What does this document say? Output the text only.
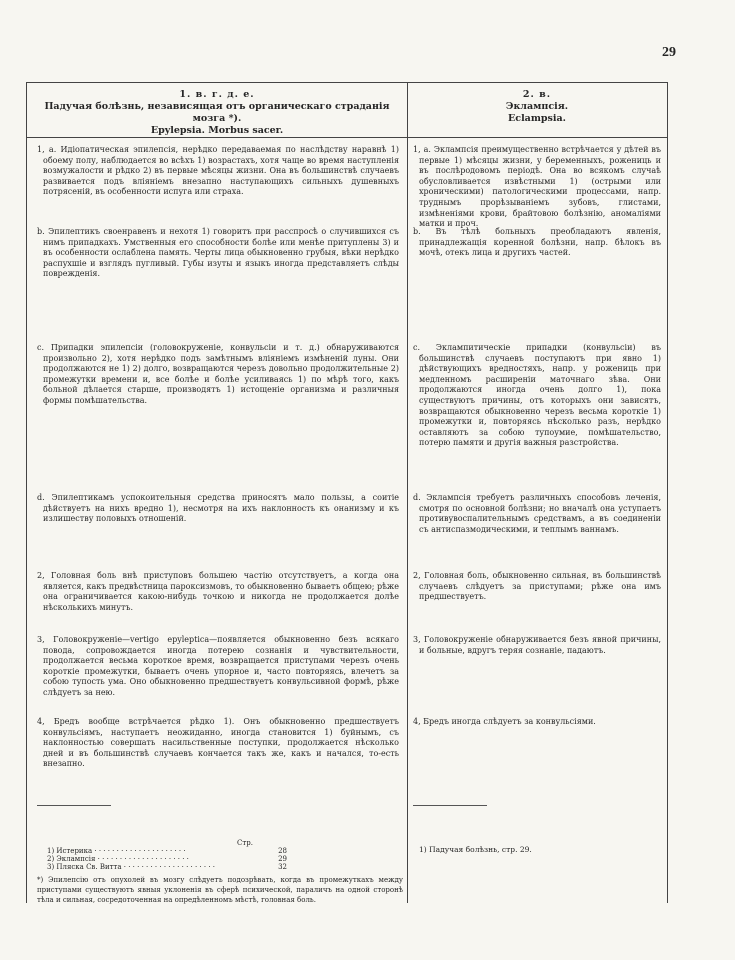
29
1. в. г. д. е.
Падучая болѣзнь, независящая отъ органическаго страданія мозга *).
Epylepsia. Morbus sacer.
2. в.
Эклампсія.
Eclampsia.

1, a. Идіопатическая эпилепсія, нерѣдко передаваемая по наслѣдству наравнѣ 1) обоему полу, наблюдается во всѣхъ 1) возрастахъ, хотя чаще во время наступленія возмужалости и рѣдко 2) въ первые мѣсяцы жизни. Она въ большинствѣ случаевъ развивается подъ вліяніемъ внезапно наступающихъ сильныхъ душевныхъ потрясеній, въ особенности испуга или страха.

b. Эпилептикъ своенравенъ и нехотя 1) говоритъ при расспросѣ о случившихся съ нимъ припадкахъ. Умственныя его способности болѣе или менѣе притуплены 3) и въ особенности ослаблена память. Черты лица обыкновенно грубыя, вѣки нерѣдко распухшіе и взглядъ пугливый. Губы изуты и языкъ иногда представляетъ слѣды поврежденія.

c. Припадки эпилепсіи (головокруженіе, конвульсіи и т. д.) обнаруживаются произвольно 2), хотя нерѣдко подъ замѣтнымъ вліяніемъ измѣненій луны. Они продолжаются не 1) 2) долго, возвращаются черезъ довольно продолжительные 2) промежутки времени и, все болѣе и болѣе усиливаясь 1) по мѣрѣ того, какъ больной дѣлается старше, производятъ 1) истощеніе организма и различныя формы помѣшательства.

d. Эпилептикамъ успокоительныя средства приносятъ мало пользы, а соитіе дѣйствуетъ на нихъ вредно 1), несмотря на ихъ наклонность къ онанизму и къ излишеству половыхъ отношеній.

2, Головная боль внѣ приступовъ большею частію отсутствуетъ, а когда она является, какъ предвѣстница пароксизмовъ, то обыкновенно бываетъ общею; рѣже она ограничивается какою-нибудь точкою и никогда не продолжается долѣе нѣсколькихъ минутъ.

3, Головокруженіе—vertigo epyleptica—появляется обыкновенно безъ всякаго повода, сопровождается иногда потерею сознанія и чувствительности, продолжается весьма короткое время, возвращается приступами черезъ очень короткіе промежутки, бываетъ очень упорное и, часто повторяясь, влечетъ за собою тупость ума. Оно обыкновенно предшествуетъ конвульсивной формѣ, рѣже слѣдуетъ за нею.

4, Бредъ вообще встрѣчается рѣдко 1). Онъ обыкновенно предшествуетъ конвульсіямъ, наступаетъ неожиданно, иногда становится 1) буйнымъ, съ наклонностью совершать насильственные поступки, продолжается нѣсколько дней и въ большинствѣ случаевъ кончается такъ же, какъ и начался, то-есть внезапно.

1, a. Эклампсія преимущественно встрѣчается у дѣтей въ первые 1) мѣсяцы жизни, у беременныхъ, рожениць и въ послѣродовомъ періодѣ. Она во всякомъ случаѣ обусловливается извѣстными 1) (острыми или хроническими) патологическими процессами, напр. труднымъ прорѣзываніемъ зубовъ, глистами, измѣненіями крови, брайтовою болѣзнію, аномаліями матки и проч.

b. Въ тѣлѣ больныхъ преобладаютъ явленія, принадлежащія коренной болѣзни, напр. бѣлокъ въ мочѣ, отекъ лица и другихъ частей.

c. Эклампитическіе припадки (конвульсіи) въ большинствѣ случаевъ поступаютъ при явно 1) дѣйствующихъ вредностяхъ, напр. у рожениць при медленномъ расширеніи маточнаго зѣва. Они продолжаются иногда очень долго 1), пока существуютъ причины, отъ которыхъ они зависятъ, возвращаются обыкновенно черезъ весьма короткіе 1) промежутки и, повторяясь нѣсколько разъ, нерѣдко оставляютъ за собою тупоумие, помѣшательство, потерю памяти и другія важныя разстройства.

d. Эклампсія требуетъ различныхъ способовъ леченія, смотря по основной болѣзни; но вначалѣ она уступаетъ противувоспалительнымъ средствамъ, а въ соединеніи съ антиспазмодическими, и теплымъ ваннамъ.

2, Головная боль, обыкновенно сильная, въ большинствѣ случаевъ слѣдуетъ за приступами; рѣже она имъ предшествуетъ.

3, Головокруженіе обнаруживается безъ явной причины, и больные, вдругъ теряя сознаніе, падаютъ.

4, Бредъ иногда слѣдуетъ за конвульсіями.

Стр.
1) Истерика · · ·	28
2) Эклампсія · · ·	29
3) Пляска Св. Витта · · ·	32
*) Эпилепсію отъ опухолей въ мозгу слѣдуетъ подозрѣвать, когда въ промежуткахъ между приступами существуютъ явныя уклоненія въ сферѣ психической, параличъ на одной сторонѣ тѣла и сильная, сосредоточенная на опредѣленномъ мѣстѣ, головная боль.
1) Падучая болѣзнь, стр. 29.
